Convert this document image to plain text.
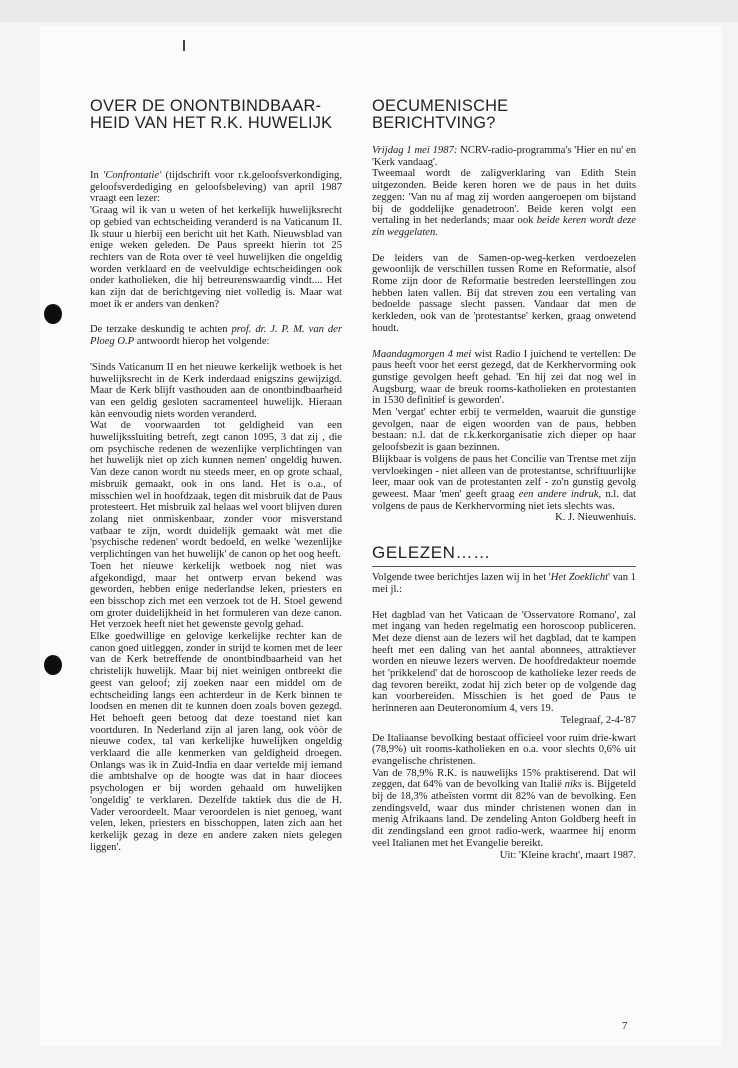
OVER DE ONONTBINDBAAR-
HEID VAN HET R.K. HUWELIJK

In 'Confrontatie' (tijdschrift voor r.k.geloofsverkondiging, geloofsverdediging en geloofsbeleving) van april 1987 vraagt een lezer:

'Graag wil ik van u weten of het kerkelijk huwelijksrecht op gebied van echtscheiding veranderd is na Vaticanum II. Ik stuur u hierbij een bericht uit het Kath. Nieuwsblad van enige weken geleden. De Paus spreekt hierin tot 25 rechters van de Rota over tè veel huwelijken die ongeldig worden verklaard en de veelvuldige echtscheidingen ook onder katholieken, die hij betreurenswaardig vindt.... Het kan zijn dat de berichtgeving niet volledig is. Maar wat moet ik er anders van denken?

De terzake deskundig te achten prof. dr. J. P. M. van der Ploeg O.P antwoordt hierop het volgende:

'Sinds Vaticanum II en het nieuwe kerkelijk wetboek is het huwelijksrecht in de Kerk inderdaad enigszins gewijzigd. Maar de Kerk blijft vasthouden aan de onontbindbaarheid van een geldig gesloten sacramenteel huwelijk. Hieraan kàn eenvoudig niets worden veranderd.

Wat de voorwaarden tot geldigheid van een huwelijkssluiting betreft, zegt canon 1095, 3 dat zij , die om psychische redenen de wezenlijke verplichtingen van het huwelijk niet op zich kunnen nemen' ongeldig huwen. Van deze canon wordt nu steeds meer, en op grote schaal, misbruik gemaakt, ook in ons land. Het is o.a., of misschien wel in hoofdzaak, tegen dit misbruik dat de Paus protesteert. Het misbruik zal helaas wel voort blijven duren zolang niet onmiskenbaar, zonder voor misverstand vatbaar te zijn, wordt duidelijk gemaakt wàt met die 'psychische redenen' wordt bedoeld, en welke 'wezenlijke verplichtingen van het huwelijk' de canon op het oog heeft.

Toen het nieuwe kerkelijk wetboek nog niet was afgekondigd, maar het ontwerp ervan bekend was geworden, hebben enige nederlandse leken, priesters en een bisschop zich met een verzoek tot de H. Stoel gewend om groter duidelijkheid in het formuleren van deze canon. Het verzoek heeft niet het gewenste gevolg gehad.

Elke goedwillige en gelovige kerkelijke rechter kan de canon goed uitleggen, zonder in strijd te komen met de leer van de Kerk betreffende de onontbindbaarheid van het christelijk huwelijk. Maar bij niet weinigen ontbreekt die geest van geloof; zij zoeken naar een middel om de echtscheiding langs een achterdeur in de Kerk binnen te loodsen en menen dit te kunnen doen zoals boven gezegd. Het behoeft geen betoog dat deze toestand niet kan voortduren. In Nederland zijn al jaren lang, ook vòòr de nieuwe codex, tal van kerkelijke huwelijken ongeldig verklaard die alle kenmerken van geldigheid droegen. Onlangs was ik in Zuid-India en daar vertelde mij iemand die ambtshalve op de hoogte was dat in haar diocees psychologen er bij worden gehaald om huwelijken 'ongeldig' te verklaren. Dezelfde taktiek dus die de H. Vader veroordeelt. Maar veroordelen is niet genoeg, want velen, leken, priesters en bisschoppen, laten zich aan het kerkelijk gezag in deze en andere zaken niets gelegen liggen'.

OECUMENISCHE
BERICHTVING?

Vrijdag 1 mei 1987: NCRV-radio-programma's 'Hier en nu' en 'Kerk vandaag'.

Tweemaal wordt de zaligverklaring van Edith Stein uitgezonden. Beide keren horen we de paus in het duits zeggen: 'Van nu af mag zij worden aangeroepen om bijstand bij de goddelijke genadetroon'. Beide keren volgt een vertaling in het nederlands; maar ook beide keren wordt deze zin weggelaten.

De leiders van de Samen-op-weg-kerken verdoezelen gewoonlijk de verschillen tussen Rome en Reformatie, alsof Rome zijn door de Reformatie bestreden leerstellingen zou hebben laten vallen. Bij dat streven zou een vertaling van bedoelde passage slecht passen. Vandaar dat men de kerkleden, ook van de 'protestantse' kerken, graag onwetend houdt.

Maandagmorgen 4 mei wist Radio I juichend te vertellen: De paus heeft voor het eerst gezegd, dat de Kerkhervorming ook gunstige gevolgen heeft gehad. 'En hij zei dat nog wel in Augsburg, waar de breuk rooms-katholieken en protestanten in 1530 definitief is geworden'.

Men 'vergat' echter erbij te vermelden, waaruit die gunstige gevolgen, naar de eigen woorden van de paus, hebben bestaan: n.l. dat de r.k.kerkorganisatie zich dieper op haar geloofsbezit is gaan bezinnen.

Blijkbaar is volgens de paus het Concilie van Trentse met zijn vervloekingen - niet alleen van de protestantse, schriftuurlijke leer, maar ook van de protestanten zelf - zo'n gunstig gevolg geweest. Maar 'men' geeft graag een andere indruk, n.l. dat volgens de paus de Kerkhervorming niet iets slechts was.

K. J. Nieuwenhuis.

GELEZEN……

Volgende twee berichtjes lazen wij in het 'Het Zoeklicht' van 1 mei jl.:

Het dagblad van het Vaticaan de 'Osservatore Romano', zal met ingang van heden regelmatig een horoscoop publiceren. Met deze dienst aan de lezers wil het dagblad, dat te kampen heeft met een daling van het aantal abonnees, attraktiever worden en nieuwe lezers werven. De hoofdredakteur noemde het 'prikkelend' dat de horoscoop de katholieke lezer reeds de dag tevoren bereikt, zodat hij zich beter op de volgende dag kan voorbereiden. Misschien is het goed de Paus te herinneren aan Deuteronomium 4, vers 19.

Telegraaf, 2-4-'87

De Italiaanse bevolking bestaat officieel voor ruim drie-kwart (78,9%) uit rooms-katholieken en o.a. voor slechts 0,6% uit evangelische christenen.

Van de 78,9% R.K. is nauwelijks 15% praktiserend. Dat wil zeggen, dat 64% van de bevolking van Italië niks is. Bijgeteld bij de 18,3% atheïsten vormt dit 82% van de bevolking. Een zendingsveld, waar dus minder christenen wonen dan in menig Afrikaans land. De zendeling Anton Goldberg heeft in dit zendingsland een groot radio-werk, waarmee hij enorm veel Italianen met het Evangelie bereikt.

Uit: 'Kleine kracht', maart 1987.

7
